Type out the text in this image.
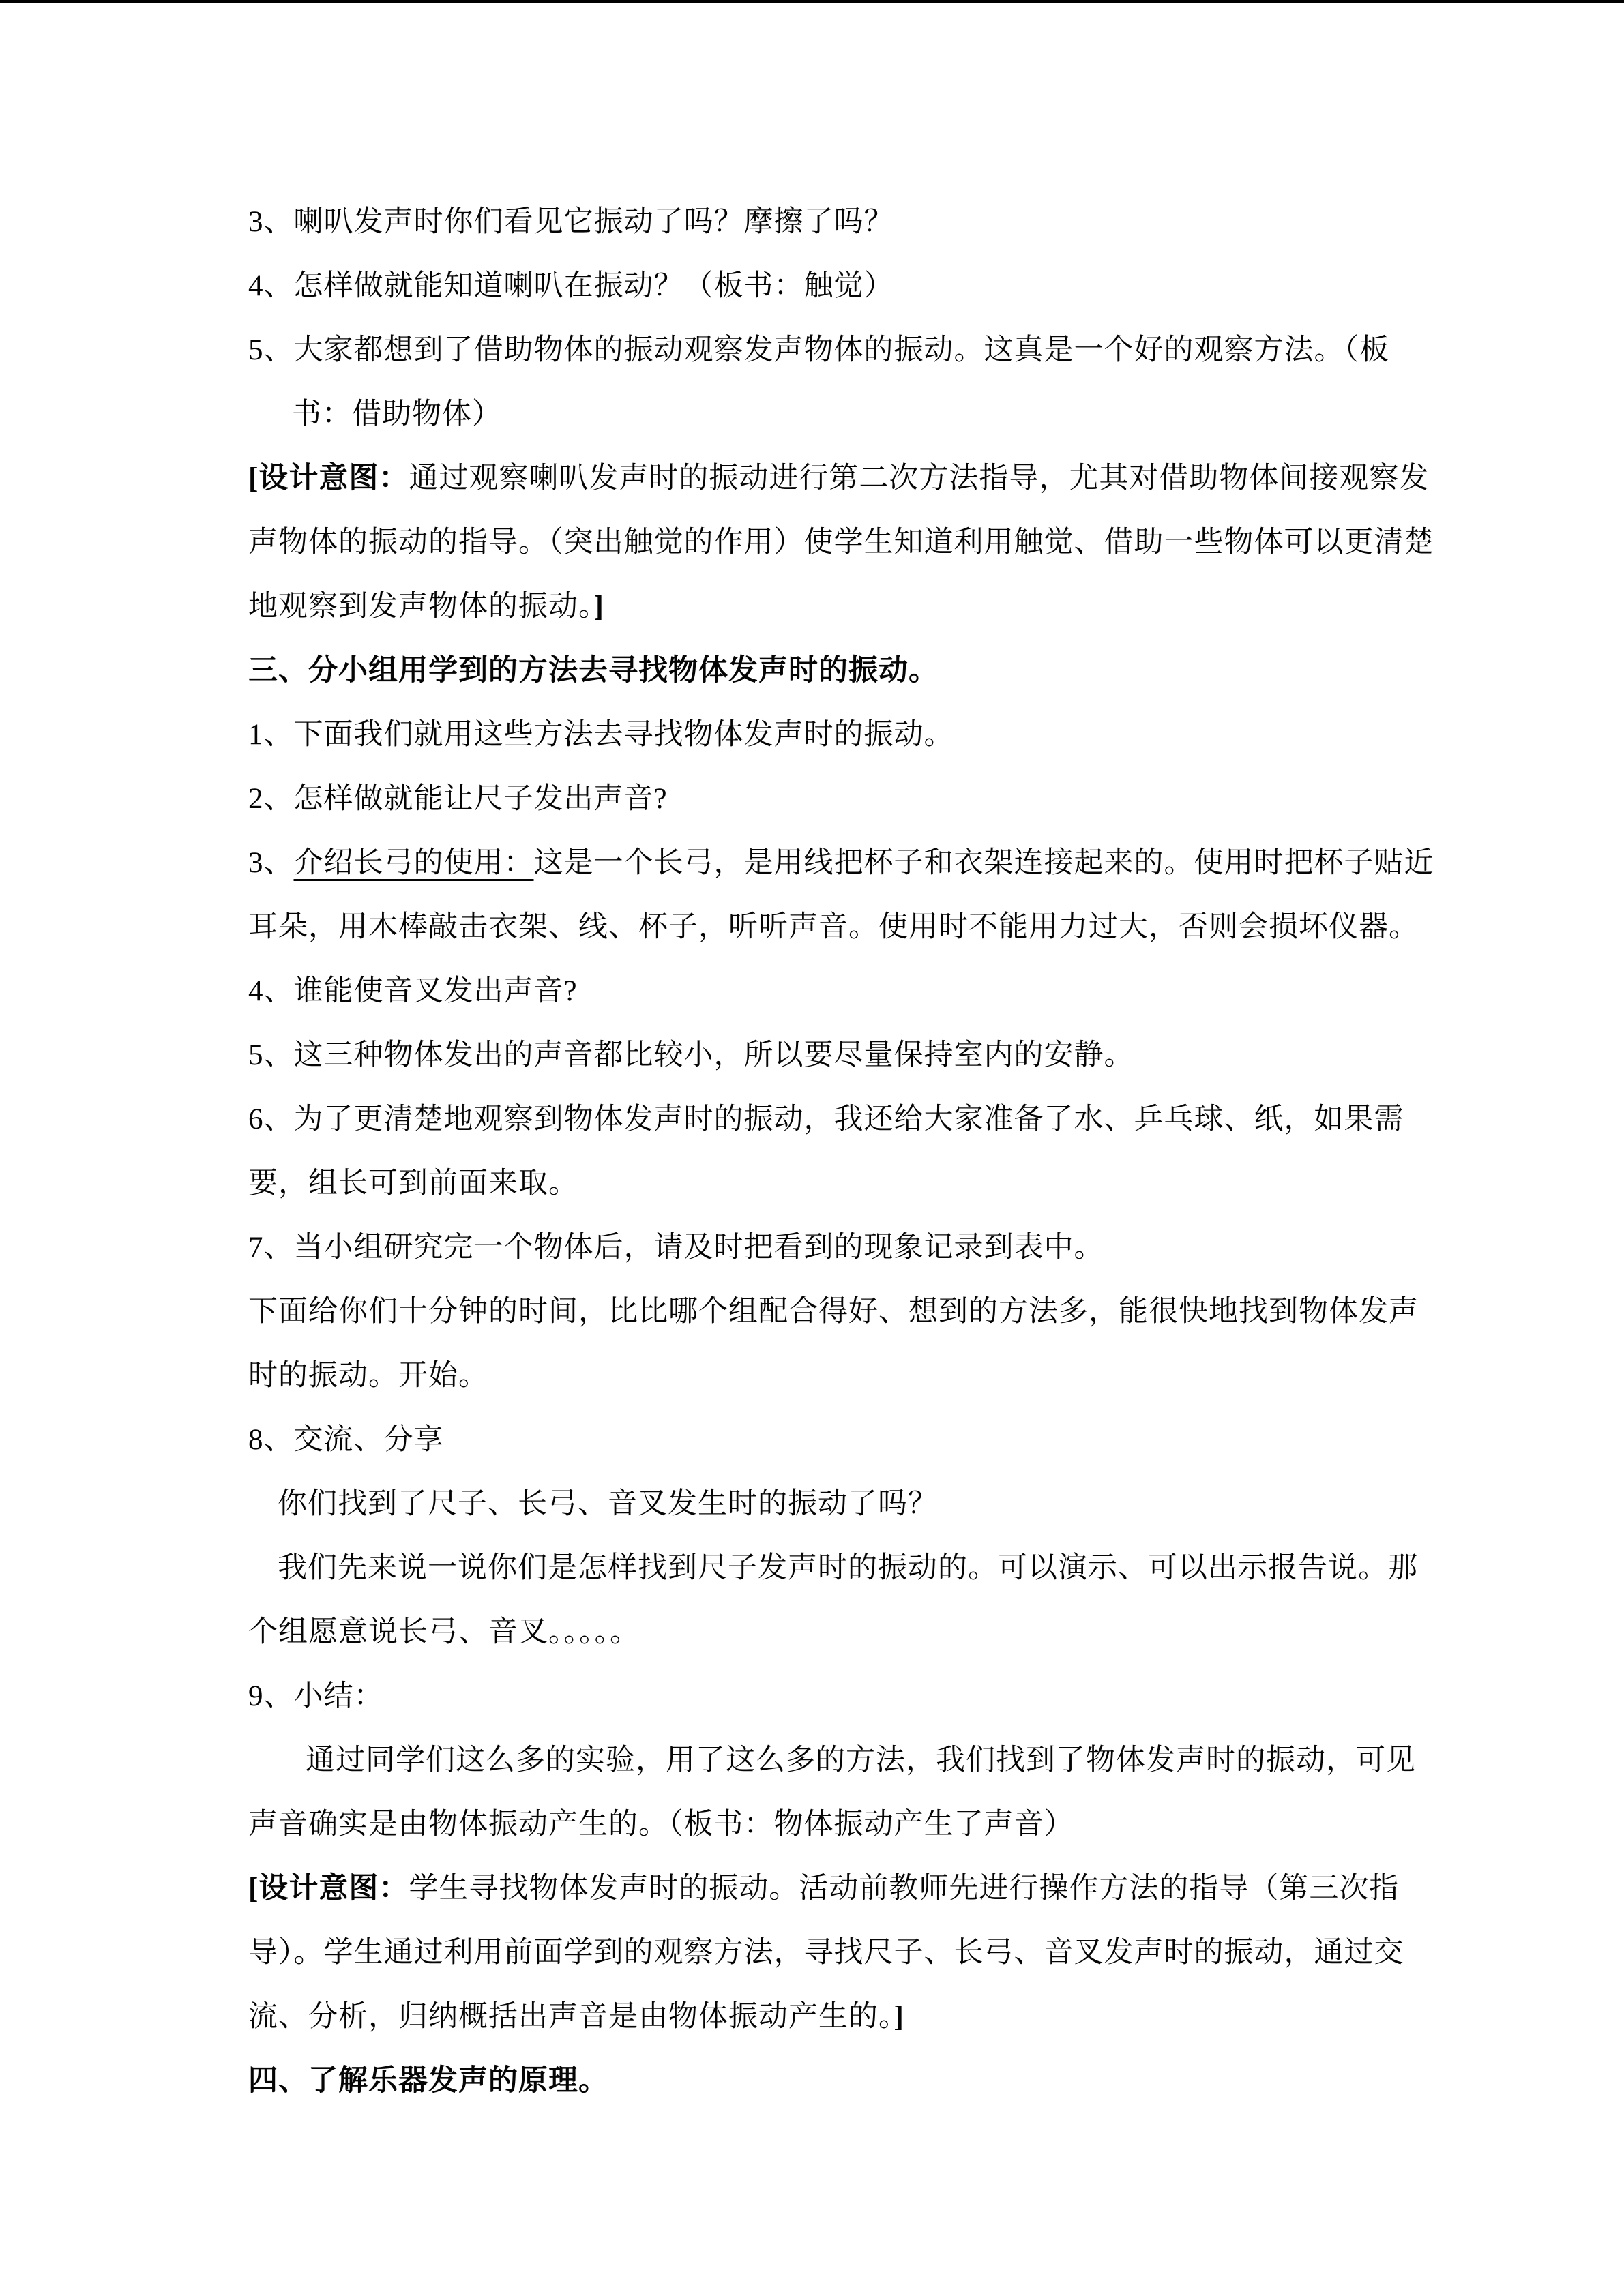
3、喇叭发声时你们看见它振动了吗？摩擦了吗？
4、怎样做就能知道喇叭在振动？（板书：触觉）
5、大家都想到了借助物体的振动观察发声物体的振动。这真是一个好的观察方法。（板
书：借助物体）
[设计意图：通过观察喇叭发声时的振动进行第二次方法指导，尤其对借助物体间接观察发
声物体的振动的指导。（突出触觉的作用）使学生知道利用触觉、借助一些物体可以更清楚
地观察到发声物体的振动。]
三、分小组用学到的方法去寻找物体发声时的振动。
1、下面我们就用这些方法去寻找物体发声时的振动。
2、怎样做就能让尺子发出声音?
3、介绍长弓的使用：这是一个长弓，是用线把杯子和衣架连接起来的。使用时把杯子贴近
耳朵，用木棒敲击衣架、线、杯子，听听声音。使用时不能用力过大，否则会损坏仪器。
4、谁能使音叉发出声音?
5、这三种物体发出的声音都比较小，所以要尽量保持室内的安静。
6、为了更清楚地观察到物体发声时的振动，我还给大家准备了水、乒乓球、纸，如果需
要，组长可到前面来取。
7、当小组研究完一个物体后，请及时把看到的现象记录到表中。
下面给你们十分钟的时间，比比哪个组配合得好、想到的方法多，能很快地找到物体发声
时的振动。开始。
8、交流、分享
你们找到了尺子、长弓、音叉发生时的振动了吗？
我们先来说一说你们是怎样找到尺子发声时的振动的。可以演示、可以出示报告说。那
个组愿意说长弓、音叉。。。。。
9、小结：
通过同学们这么多的实验，用了这么多的方法，我们找到了物体发声时的振动，可见
声音确实是由物体振动产生的。（板书：物体振动产生了声音）
[设计意图：学生寻找物体发声时的振动。活动前教师先进行操作方法的指导（第三次指
导）。学生通过利用前面学到的观察方法，寻找尺子、长弓、音叉发声时的振动，通过交
流、分析，归纳概括出声音是由物体振动产生的。]
四、了解乐器发声的原理。
